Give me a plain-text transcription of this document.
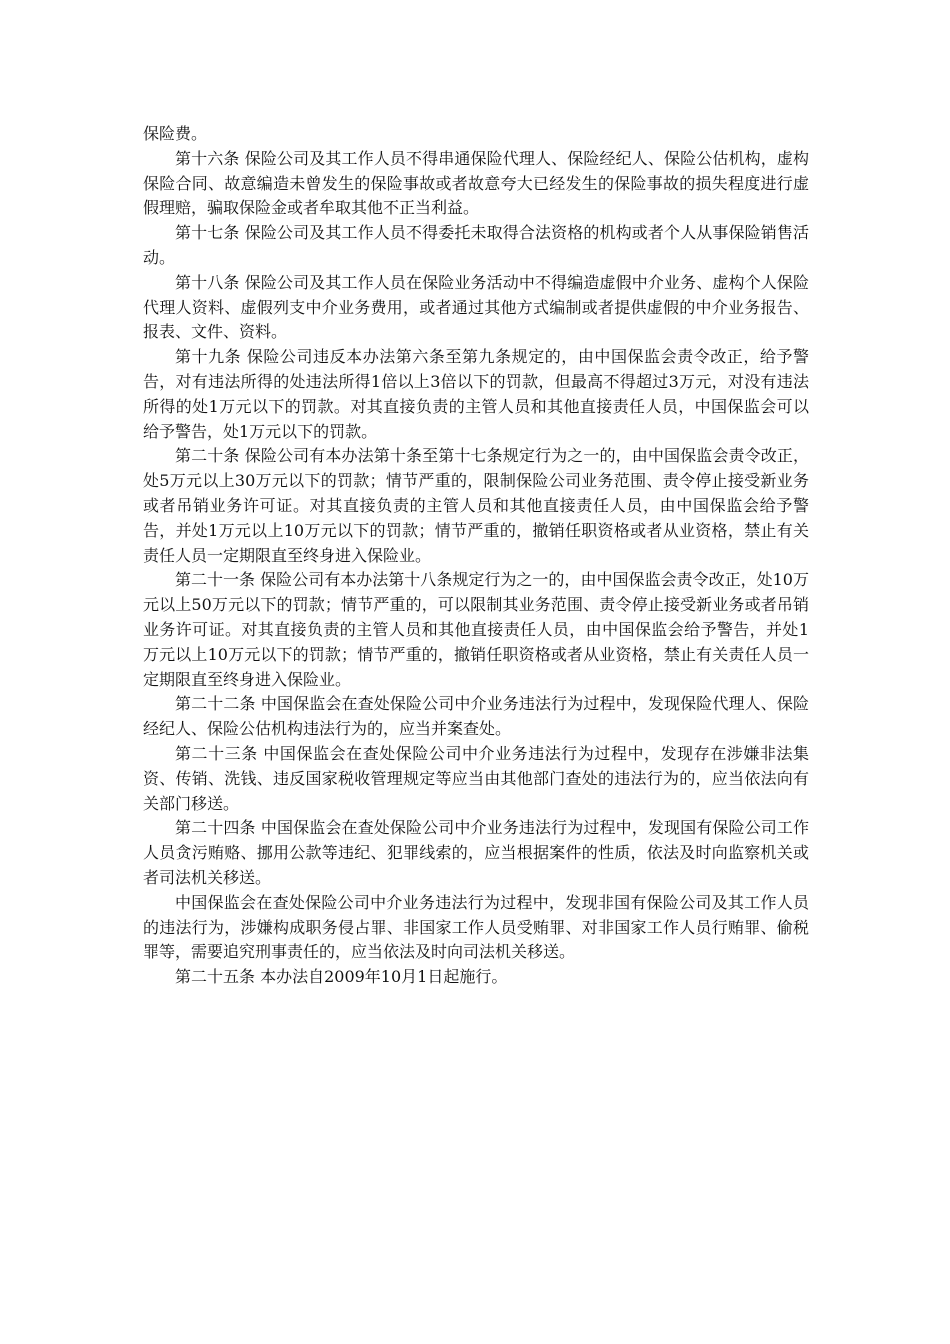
保险费。

第十六条 保险公司及其工作人员不得串通保险代理人、保险经纪人、保险公估机构，虚构保险合同、故意编造未曾发生的保险事故或者故意夸大已经发生的保险事故的损失程度进行虚假理赔，骗取保险金或者牟取其他不正当利益。

第十七条 保险公司及其工作人员不得委托未取得合法资格的机构或者个人从事保险销售活动。

第十八条 保险公司及其工作人员在保险业务活动中不得编造虚假中介业务、虚构个人保险代理人资料、虚假列支中介业务费用，或者通过其他方式编制或者提供虚假的中介业务报告、报表、文件、资料。

第十九条 保险公司违反本办法第六条至第九条规定的，由中国保监会责令改正，给予警告，对有违法所得的处违法所得1倍以上3倍以下的罚款，但最高不得超过3万元，对没有违法所得的处1万元以下的罚款。对其直接负责的主管人员和其他直接责任人员，中国保监会可以给予警告，处1万元以下的罚款。

第二十条 保险公司有本办法第十条至第十七条规定行为之一的，由中国保监会责令改正，处5万元以上30万元以下的罚款；情节严重的，限制保险公司业务范围、责令停止接受新业务或者吊销业务许可证。对其直接负责的主管人员和其他直接责任人员，由中国保监会给予警告，并处1万元以上10万元以下的罚款；情节严重的，撤销任职资格或者从业资格，禁止有关责任人员一定期限直至终身进入保险业。

第二十一条 保险公司有本办法第十八条规定行为之一的，由中国保监会责令改正，处10万元以上50万元以下的罚款；情节严重的，可以限制其业务范围、责令停止接受新业务或者吊销业务许可证。对其直接负责的主管人员和其他直接责任人员，由中国保监会给予警告，并处1万元以上10万元以下的罚款；情节严重的，撤销任职资格或者从业资格，禁止有关责任人员一定期限直至终身进入保险业。

第二十二条 中国保监会在查处保险公司中介业务违法行为过程中，发现保险代理人、保险经纪人、保险公估机构违法行为的，应当并案查处。

第二十三条 中国保监会在查处保险公司中介业务违法行为过程中，发现存在涉嫌非法集资、传销、洗钱、违反国家税收管理规定等应当由其他部门查处的违法行为的，应当依法向有关部门移送。

第二十四条 中国保监会在查处保险公司中介业务违法行为过程中，发现国有保险公司工作人员贪污贿赂、挪用公款等违纪、犯罪线索的，应当根据案件的性质，依法及时向监察机关或者司法机关移送。

中国保监会在查处保险公司中介业务违法行为过程中，发现非国有保险公司及其工作人员的违法行为，涉嫌构成职务侵占罪、非国家工作人员受贿罪、对非国家工作人员行贿罪、偷税罪等，需要追究刑事责任的，应当依法及时向司法机关移送。

第二十五条 本办法自2009年10月1日起施行。
